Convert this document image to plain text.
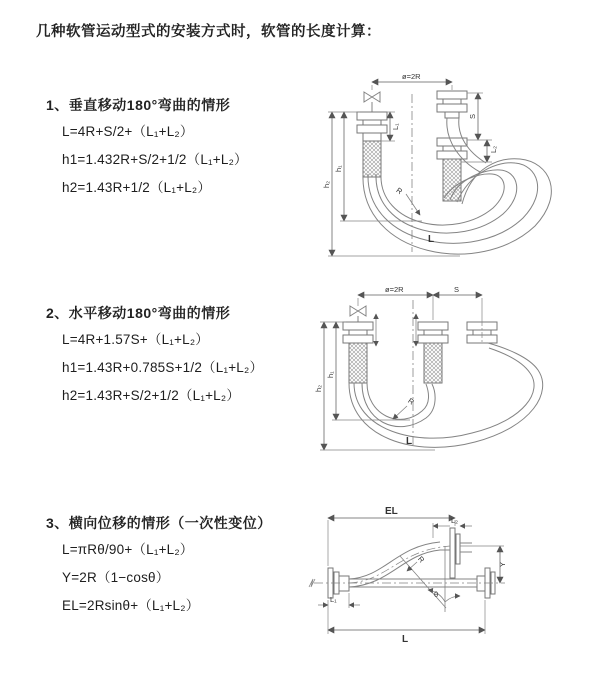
几种软管运动型式的安装方式时，软管的长度计算：
1、垂直移动180°弯曲的情形
L=4R+S/2+（L₁+L₂）
h1=1.432R+S/2+1/2（L₁+L₂）
h2=1.43R+1/2（L₁+L₂）
2、水平移动180°弯曲的情形
L=4R+1.57S+（L₁+L₂）
h1=1.43R+0.785S+1/2（L₁+L₂）
h2=1.43R+S/2+1/2（L₁+L₂）
3、横向位移的情形（一次性变位）
L=πRθ/90+（L₁+L₂）
Y=2R（1−cosθ）
EL=2Rsinθ+（L₁+L₂）
ø=2R
h₂
h₁
L₁
S
L₂
R
L
ø=2R	S
h₂
h₁
R
L
EL
L₂
Y
R
θ
L
L₁
